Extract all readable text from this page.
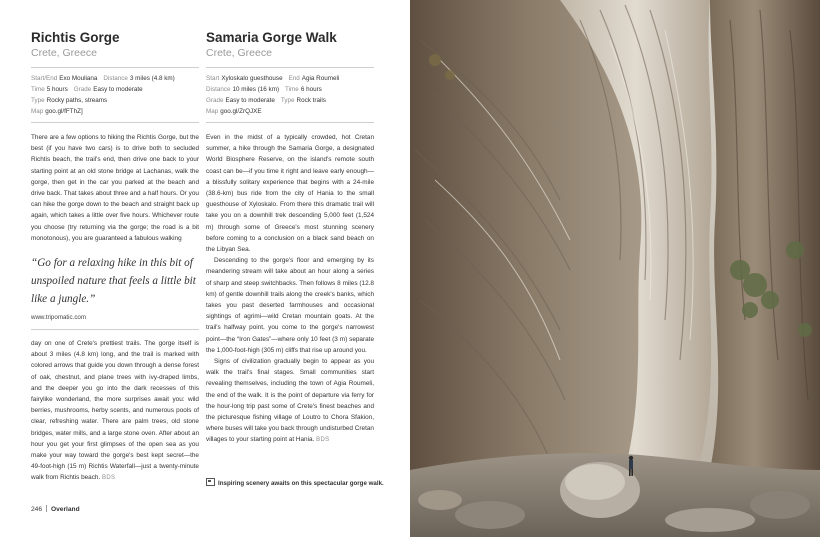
Richtis Gorge
Crete, Greece
Start/End Exo Mouliana Distance 3 miles (4.8 km)
Time 5 hours Grade Easy to moderate
Type Rocky paths, streams
Map goo.gl/fFThZ]

There are a few options to hiking the Richtis Gorge, but the best (if you have two cars) is to drive both to secluded Richtis beach, the trail's end, then drive one back to your starting point at an old stone bridge at Lachanas, walk the gorge, then get in the car you parked at the beach and drive back. That takes about three and a half hours. Or you can hike the gorge down to the beach and straight back up again, which takes a little over five hours. Whichever route you choose (try returning via the gorge; the road is a bit monotonous), you are guaranteed a fabulous walking

“Go for a relaxing hike in this bit of unspoiled nature that feels a little bit like a jungle.”

www.tripomatic.com

day on one of Crete's prettiest trails. The gorge itself is about 3 miles (4.8 km) long, and the trail is marked with colored arrows that guide you down through a dense forest of oak, chestnut, and plane trees with ivy-draped limbs, and the deeper you go into the dark recesses of this fairylike wonderland, the more surprises await you: wild berries, mushrooms, herby scents, and numerous pools of clear, refreshing water. There are palm trees, old stone bridges, water mills, and a large stone oven. After about an hour you get your first glimpses of the open sea as you make your way toward the gorge's best kept secret—the 49-foot-high (15 m) Richtis Waterfall—just a twenty-minute walk from Richtis beach. BDS

Samaria Gorge Walk
Crete, Greece
Start Xyloskalo guesthouse End Agia Roumeli
Distance 10 miles (16 km) Time 6 hours
Grade Easy to moderate Type Rock trails
Map goo.gl/ZrQJXE

Even in the midst of a typically crowded, hot Cretan summer, a hike through the Samaria Gorge, a designated World Biosphere Reserve, on the island's remote south coast can be—if you time it right and leave early enough—a blissfully solitary experience that begins with a 24-mile (38.6-km) bus ride from the city of Hania to the small guesthouse of Xyloskalo. From there this dramatic trail will take you on a downhill trek descending 5,000 feet (1,524 m) through some of Greece's most stunning scenery before coming to a conclusion on a black sand beach on the Libyan Sea.

Descending to the gorge's floor and emerging by its meandering stream will take about an hour along a series of sharp and steep switchbacks. Then follows 8 miles (12.8 km) of gentle downhill trails along the creek's banks, which takes you past deserted farmhouses and occasional sightings of agrimi—wild Cretan mountain goats. At the trail's halfway point, you come to the gorge's narrowest point—the “Iron Gates”—where only 10 feet (3 m) separate the 1,000-foot-high (305 m) cliffs that rise up around you.

Signs of civilization gradually begin to appear as you walk the trail's final stages. Small communities start revealing themselves, including the town of Agia Roumeli, the end of the walk. It is the point of departure via ferry for the hour-long trip past some of Crete's finest beaches and the picturesque fishing village of Loutro to Chora Sfakion, where buses will take you back through undisturbed Cretan villages to your starting point at Hania. BDS

Inspiring scenery awaits on this spectacular gorge walk.
246 Overland
